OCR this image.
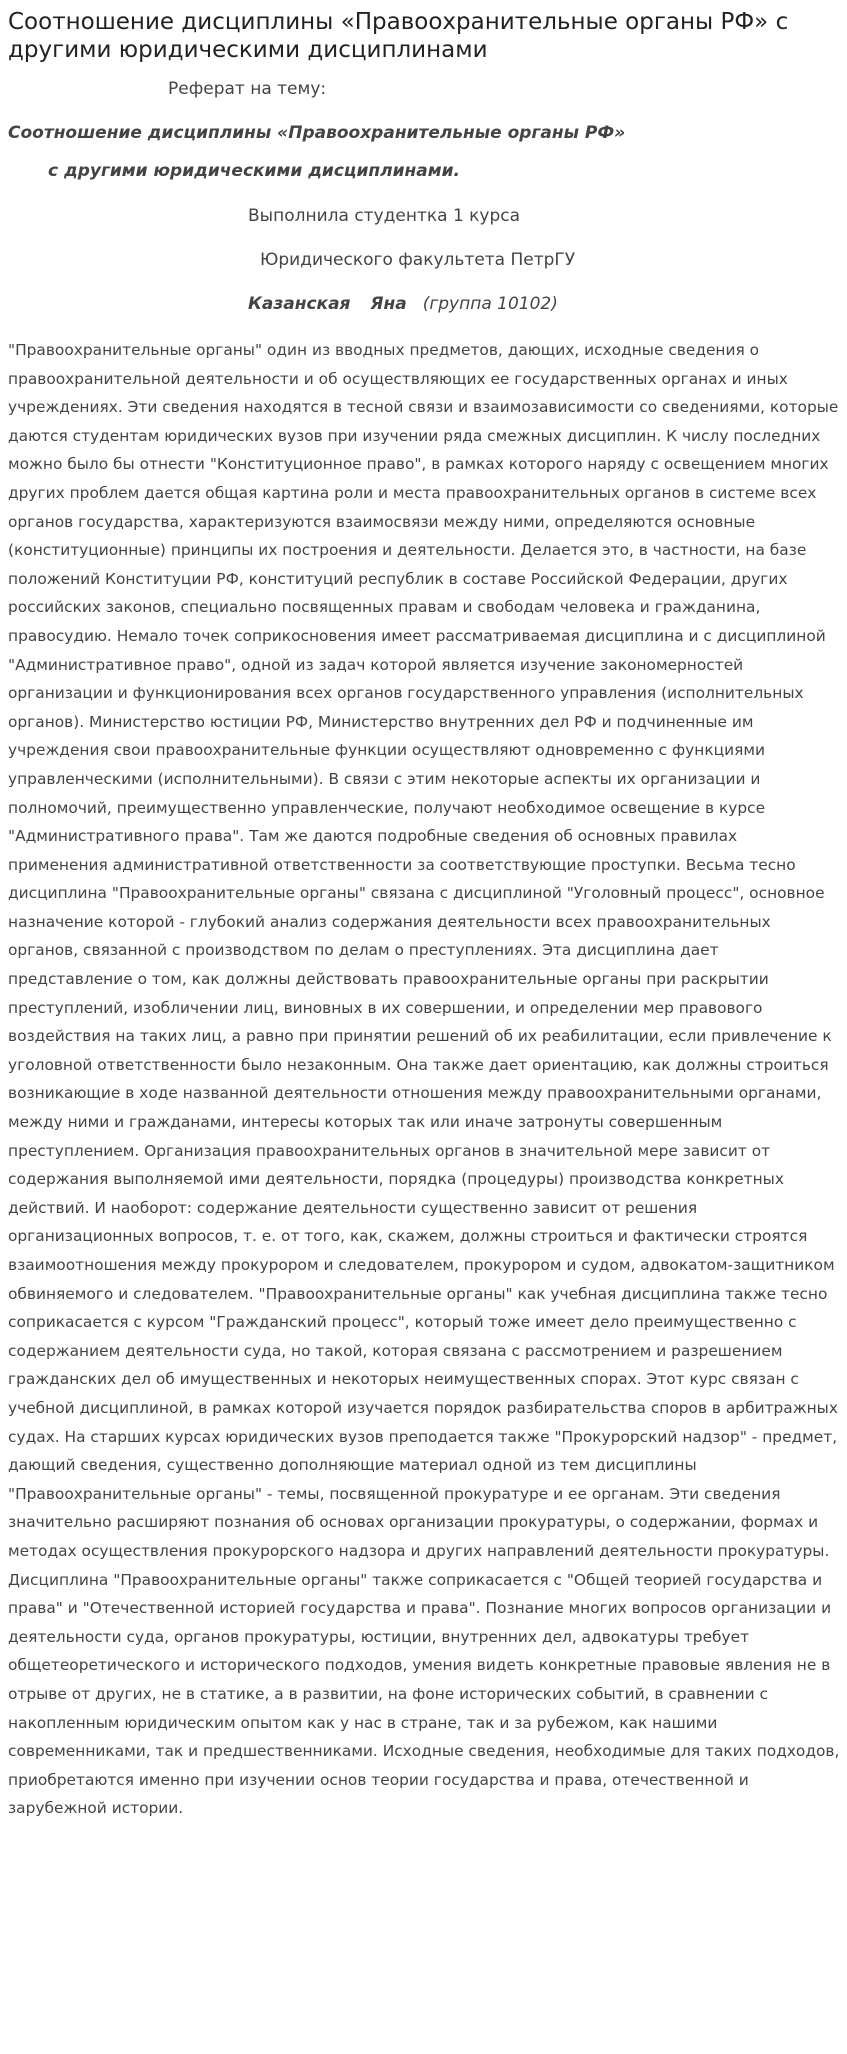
Соотношение дисциплины «Правоохранительные органы РФ» с другими юридическими дисциплинами

Реферат на тему:

Соотношение дисциплины «Правоохранительные органы РФ»

с другими юридическими дисциплинами.

Выполнила студентка 1 курса

Юридического факультета ПетрГУ

Казанская Яна (группа 10102)

"Правоохранительные органы" один из вводных предметов, дающих, исходные сведения о правоохранительной деятельности и об осуществляющих ее государственных органах и иных учреждениях. Эти сведения находятся в тесной связи и взаимозависимости со сведениями, которые даются студентам юридических вузов при изучении ряда смежных дисциплин. К числу последних можно было бы отнести "Конституционное право", в рамках которого наряду с освещением многих других проблем дается общая картина роли и места правоохранительных органов в системе всех органов государства, характеризуются взаимосвязи между ними, определяются основные (конституционные) принципы их построения и деятельности. Делается это, в частности, на базе положений Конституции РФ, конституций республик в составе Российской Федерации, других российских законов, специально посвященных правам и свободам человека и гражданина, правосудию. Немало точек соприкосновения имеет рассматриваемая дисциплина и с дисциплиной "Административное право", одной из задач которой является изучение закономерностей организации и функционирования всех органов государственного управления (исполнительных органов). Министерство юстиции РФ, Министерство внутренних дел РФ и подчиненные им учреждения свои правоохранительные функции осуществляют одновременно с функциями управленческими (исполнительными). В связи с этим некоторые аспекты их организации и полномочий, преимущественно управленческие, получают необходимое освещение в курсе "Административного права". Там же даются подробные сведения об основных правилах применения административной ответственности за соответствующие проступки. Весьма тесно дисциплина "Правоохранительные органы" связана с дисциплиной "Уголовный процесс", основное назначение которой - глубокий анализ содержания деятельности всех правоохранительных органов, связанной с производством по делам о преступлениях. Эта дисциплина дает представление о том, как должны действовать правоохранительные органы при раскрытии преступлений, изобличении лиц, виновных в их совершении, и определении мер правового воздействия на таких лиц, а равно при принятии решений об их реабилитации, если привлечение к уголовной ответственности было незаконным. Она также дает ориентацию, как должны строиться возникающие в ходе названной деятельности отношения между правоохранительными органами, между ними и гражданами, интересы которых так или иначе затронуты совершенным преступлением. Организация правоохранительных органов в значительной мере зависит от содержания выполняемой ими деятельности, порядка (процедуры) производства конкретных действий. И наоборот: содержание деятельности существенно зависит от решения организационных вопросов, т. е. от того, как, скажем, должны строиться и фактически строятся взаимоотношения между прокурором и следователем, прокурором и судом, адвокатом-защитником обвиняемого и следователем. "Правоохранительные органы" как учебная дисциплина также тесно соприкасается с курсом "Гражданский процесс", который тоже имеет дело преимущественно с содержанием деятельности суда, но такой, которая связана с рассмотрением и разрешением гражданских дел об имущественных и некоторых неимущественных спорах. Этот курс связан с учебной дисциплиной, в рамках которой изучается порядок разбирательства споров в арбитражных судах. На старших курсах юридических вузов преподается также "Прокурорский надзор" - предмет, дающий сведения, существенно дополняющие материал одной из тем дисциплины "Правоохранительные органы" - темы, посвященной прокуратуре и ее органам. Эти сведения значительно расширяют познания об основах организации прокуратуры, о содержании, формах и методах осуществления прокурорского надзора и других направлений деятельности прокуратуры. Дисциплина "Правоохранительные органы" также соприкасается с "Общей теорией государства и права" и "Отечественной историей государства и права". Познание многих вопросов организации и деятельности суда, органов прокуратуры, юстиции, внутренних дел, адвокатуры требует общетеоретического и исторического подходов, умения видеть конкретные правовые явления не в отрыве от других, не в статике, а в развитии, на фоне исторических событий, в сравнении с накопленным юридическим опытом как у нас в стране, так и за рубежом, как нашими современниками, так и предшественниками. Исходные сведения, необходимые для таких подходов, приобретаются именно при изучении основ теории государства и права, отечественной и зарубежной истории.
